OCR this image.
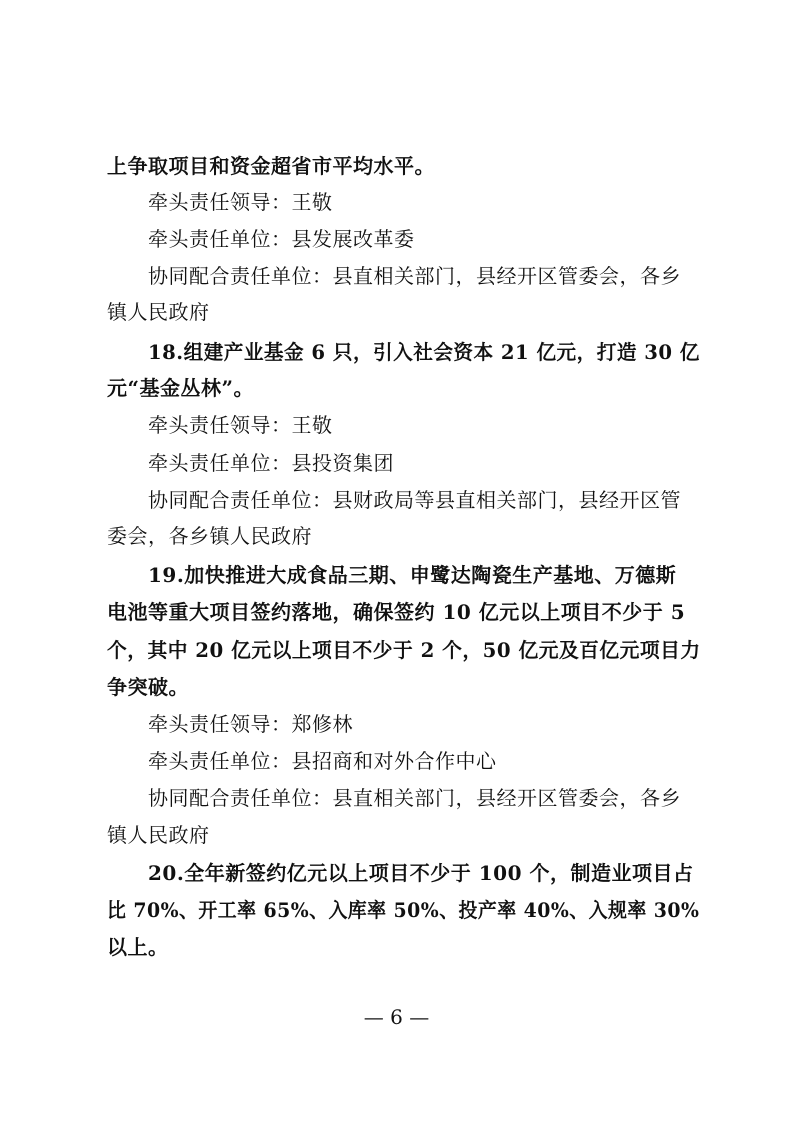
上争取项目和资金超省市平均水平。
牵头责任领导：王敬
牵头责任单位：县发展改革委
协同配合责任单位：县直相关部门，县经开区管委会，各乡
镇人民政府
18.组建产业基金 6 只，引入社会资本 21 亿元，打造 30 亿
元“基金丛林”。
牵头责任领导：王敬
牵头责任单位：县投资集团
协同配合责任单位：县财政局等县直相关部门，县经开区管
委会，各乡镇人民政府
19.加快推进大成食品三期、申鹭达陶瓷生产基地、万德斯
电池等重大项目签约落地，确保签约 10 亿元以上项目不少于 5
个，其中 20 亿元以上项目不少于 2 个，50 亿元及百亿元项目力
争突破。
牵头责任领导：郑修林
牵头责任单位：县招商和对外合作中心
协同配合责任单位：县直相关部门，县经开区管委会，各乡
镇人民政府
20.全年新签约亿元以上项目不少于 100 个，制造业项目占
比 70%、开工率 65%、入库率 50%、投产率 40%、入规率 30%
以上。
— 6 —
